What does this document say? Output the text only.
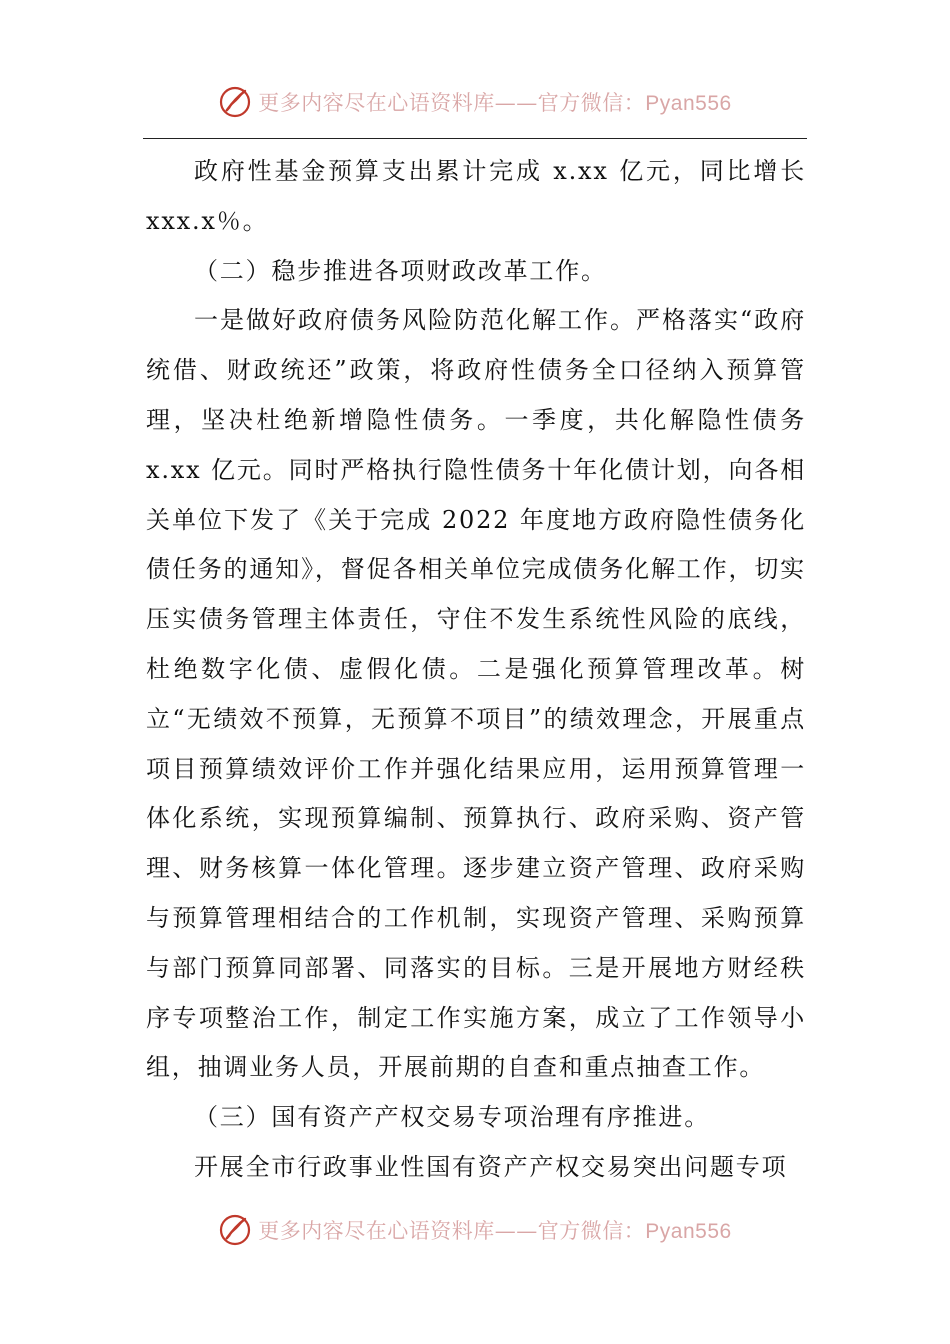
更多内容尽在心语资料库——官方微信：Pyan556

政府性基金预算支出累计完成 x.xx 亿元，同比增长 xxx.x％。

（二）稳步推进各项财政改革工作。

一是做好政府债务风险防范化解工作。严格落实“政府统借、财政统还”政策，将政府性债务全口径纳入预算管理，坚决杜绝新增隐性债务。一季度，共化解隐性债务 x.xx 亿元。同时严格执行隐性债务十年化债计划，向各相关单位下发了《关于完成 2022 年度地方政府隐性债务化债任务的通知》，督促各相关单位完成债务化解工作，切实压实债务管理主体责任，守住不发生系统性风险的底线，杜绝数字化债、虚假化债。二是强化预算管理改革。树立“无绩效不预算，无预算不项目”的绩效理念，开展重点项目预算绩效评价工作并强化结果应用，运用预算管理一体化系统，实现预算编制、预算执行、政府采购、资产管理、财务核算一体化管理。逐步建立资产管理、政府采购与预算管理相结合的工作机制，实现资产管理、采购预算与部门预算同部署、同落实的目标。三是开展地方财经秩序专项整治工作，制定工作实施方案，成立了工作领导小组，抽调业务人员，开展前期的自查和重点抽查工作。

（三）国有资产产权交易专项治理有序推进。

开展全市行政事业性国有资产产权交易突出问题专项

更多内容尽在心语资料库——官方微信：Pyan556
